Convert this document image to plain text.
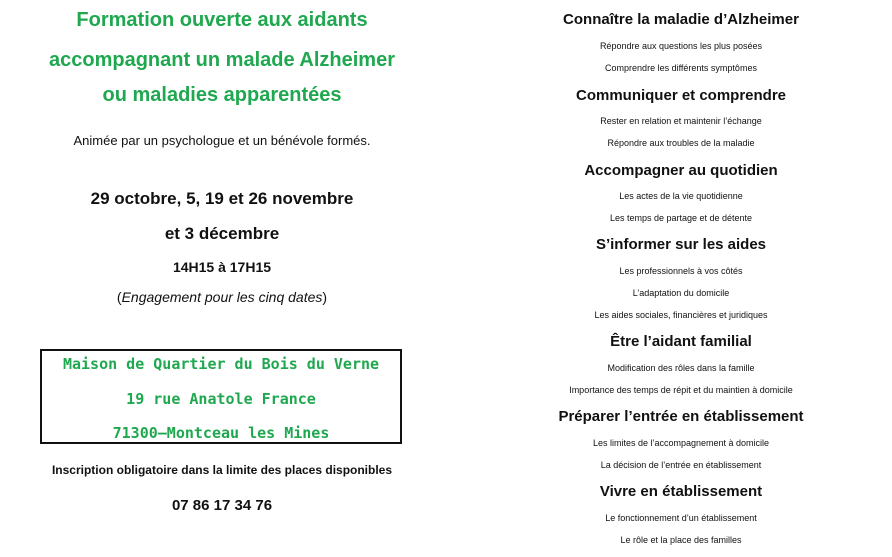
Formation ouverte aux aidants
accompagnant un malade Alzheimer
ou maladies apparentées
Animée par un psychologue et un bénévole formés.
29 octobre, 5, 19 et 26 novembre
et 3 décembre
14H15 à 17H15
(Engagement pour les cinq dates)
Maison de Quartier du Bois du Verne
19 rue Anatole France
71300—Montceau les Mines
Inscription obligatoire dans la limite des places disponibles
07 86 17 34 76
Connaître la maladie d’Alzheimer
Répondre aux questions les plus posées
Comprendre les différents symptômes
Communiquer et comprendre
Rester en relation et maintenir l’échange
Répondre aux troubles de la maladie
Accompagner au quotidien
Les actes de la vie quotidienne
Les temps de partage et de détente
S’informer sur les aides
Les professionnels à vos côtés
L’adaptation du domicile
Les aides sociales, financières et juridiques
Être l’aidant familial
Modification des rôles dans la famille
Importance des temps de répit et du maintien à domicile
Préparer l’entrée en établissement
Les limites de l’accompagnement à domicile
La décision de l’entrée en établissement
Vivre en établissement
Le fonctionnement d’un établissement
Le rôle et la place des familles
